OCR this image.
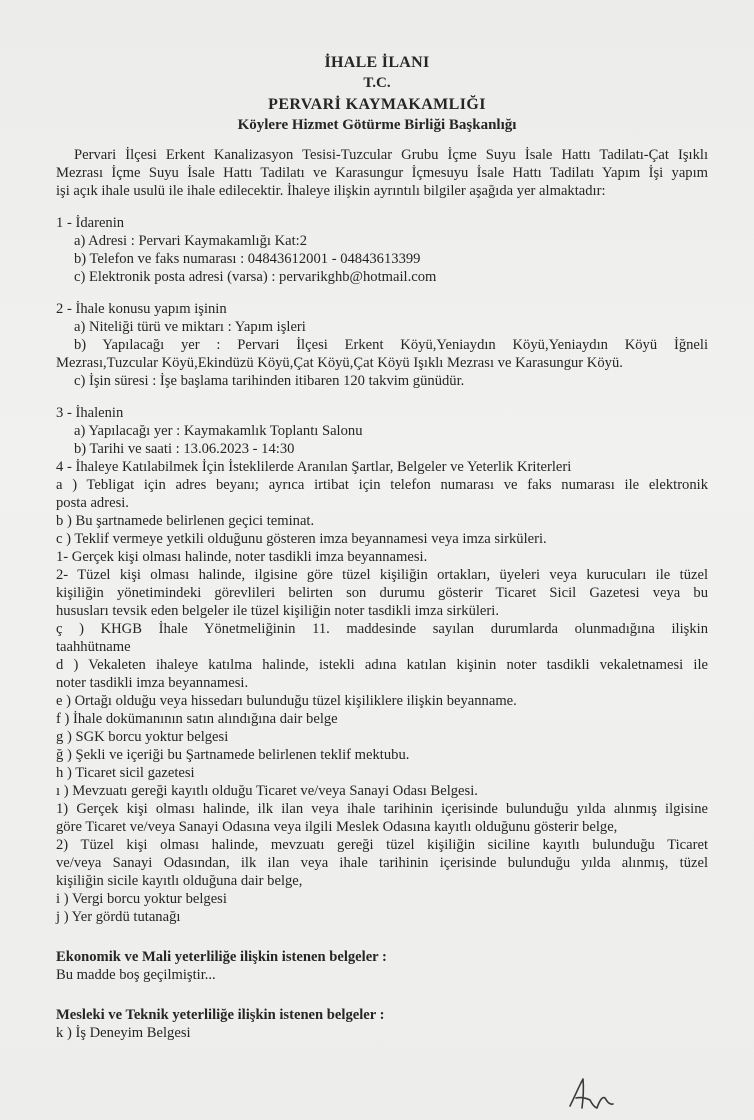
İHALE İLANI
T.C.
PERVARİ KAYMAKAMLIĞI
Köylere Hizmet Götürme Birliği Başkanlığı
Pervari İlçesi Erkent Kanalizasyon Tesisi-Tuzcular Grubu İçme Suyu İsale Hattı Tadilatı-Çat Işıklı
Mezrası İçme Suyu İsale Hattı Tadilatı ve Karasungur İçmesuyu İsale Hattı Tadilatı Yapım İşi yapım
işi açık ihale usulü ile ihale edilecektir. İhaleye ilişkin ayrıntılı bilgiler aşağıda yer almaktadır:
1 - İdarenin
a) Adresi : Pervari Kaymakamlığı Kat:2
b) Telefon ve faks numarası : 04843612001 - 04843613399
c) Elektronik posta adresi (varsa) : pervarikghb@hotmail.com
2 - İhale konusu yapım işinin
a) Niteliği türü ve miktarı : Yapım işleri
b) Yapılacağı yer : Pervari İlçesi Erkent Köyü,Yeniaydın Köyü,Yeniaydın Köyü İğneli
Mezrası,Tuzcular Köyü,Ekindüzü Köyü,Çat Köyü,Çat Köyü Işıklı Mezrası ve Karasungur Köyü.
c) İşin süresi : İşe başlama tarihinden itibaren 120 takvim günüdür.
3 - İhalenin
a) Yapılacağı yer : Kaymakamlık Toplantı Salonu
b) Tarihi ve saati : 13.06.2023 - 14:30
4 - İhaleye Katılabilmek İçin İsteklilerde Aranılan Şartlar, Belgeler ve Yeterlik Kriterleri
a ) Tebligat için adres beyanı; ayrıca irtibat için telefon numarası ve faks numarası ile elektronik
posta adresi.
b ) Bu şartnamede belirlenen geçici teminat.
c ) Teklif vermeye yetkili olduğunu gösteren imza beyannamesi veya imza sirküleri.
1- Gerçek kişi olması halinde, noter tasdikli imza beyannamesi.
2- Tüzel kişi olması halinde, ilgisine göre tüzel kişiliğin ortakları, üyeleri veya kurucuları ile tüzel
kişiliğin yönetimindeki görevlileri belirten son durumu gösterir Ticaret Sicil Gazetesi veya bu
hususları tevsik eden belgeler ile tüzel kişiliğin noter tasdikli imza sirküleri.
ç ) KHGB İhale Yönetmeliğinin 11. maddesinde sayılan durumlarda olunmadığına ilişkin
taahhütname
d ) Vekaleten ihaleye katılma halinde, istekli adına katılan kişinin noter tasdikli vekaletnamesi ile
noter tasdikli imza beyannamesi.
e ) Ortağı olduğu veya hissedarı bulunduğu tüzel kişiliklere ilişkin beyanname.
f ) İhale dokümanının satın alındığına dair belge
g ) SGK borcu yoktur belgesi
ğ ) Şekli ve içeriği bu Şartnamede belirlenen teklif mektubu.
h ) Ticaret sicil gazetesi
ı ) Mevzuatı gereği kayıtlı olduğu Ticaret ve/veya Sanayi Odası Belgesi.
1) Gerçek kişi olması halinde, ilk ilan veya ihale tarihinin içerisinde bulunduğu yılda alınmış ilgisine
göre Ticaret ve/veya Sanayi Odasına veya ilgili Meslek Odasına kayıtlı olduğunu gösterir belge,
2) Tüzel kişi olması halinde, mevzuatı gereği tüzel kişiliğin siciline kayıtlı bulunduğu Ticaret
ve/veya Sanayi Odasından, ilk ilan veya ihale tarihinin içerisinde bulunduğu yılda alınmış, tüzel
kişiliğin sicile kayıtlı olduğuna dair belge,
i ) Vergi borcu yoktur belgesi
j ) Yer gördü tutanağı
Ekonomik ve Mali yeterliliğe ilişkin istenen belgeler :
Bu madde boş geçilmiştir...
Mesleki ve Teknik yeterliliğe ilişkin istenen belgeler :
k ) İş Deneyim Belgesi
